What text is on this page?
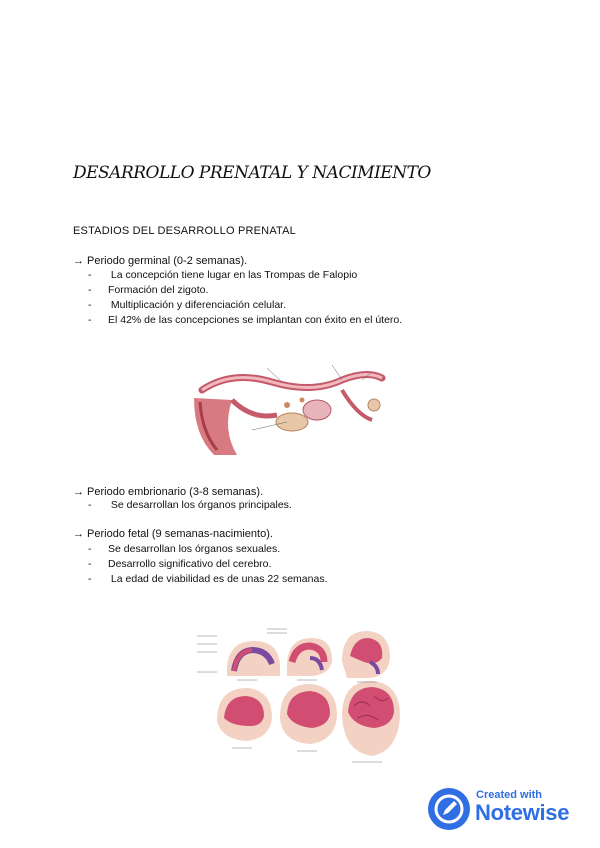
DESARROLLO PRENATAL Y NACIMIENTO
ESTADIOS DEL DESARROLLO PRENATAL
→ Periodo germinal (0-2 semanas).
- La concepción tiene lugar en las Trompas de Falopio
- Formación del zigoto.
- Multiplicación y diferenciación celular.
- El 42% de las concepciones se implantan con éxito en el útero.
→ Periodo embrionario (3-8 semanas).
- Se desarrollan los órganos principales.
→ Periodo fetal (9 semanas-nacimiento).
- Se desarrollan los órganos sexuales.
- Desarrollo significativo del cerebro.
- La edad de viabilidad es de unas 22 semanas.
Created with
Notewise
